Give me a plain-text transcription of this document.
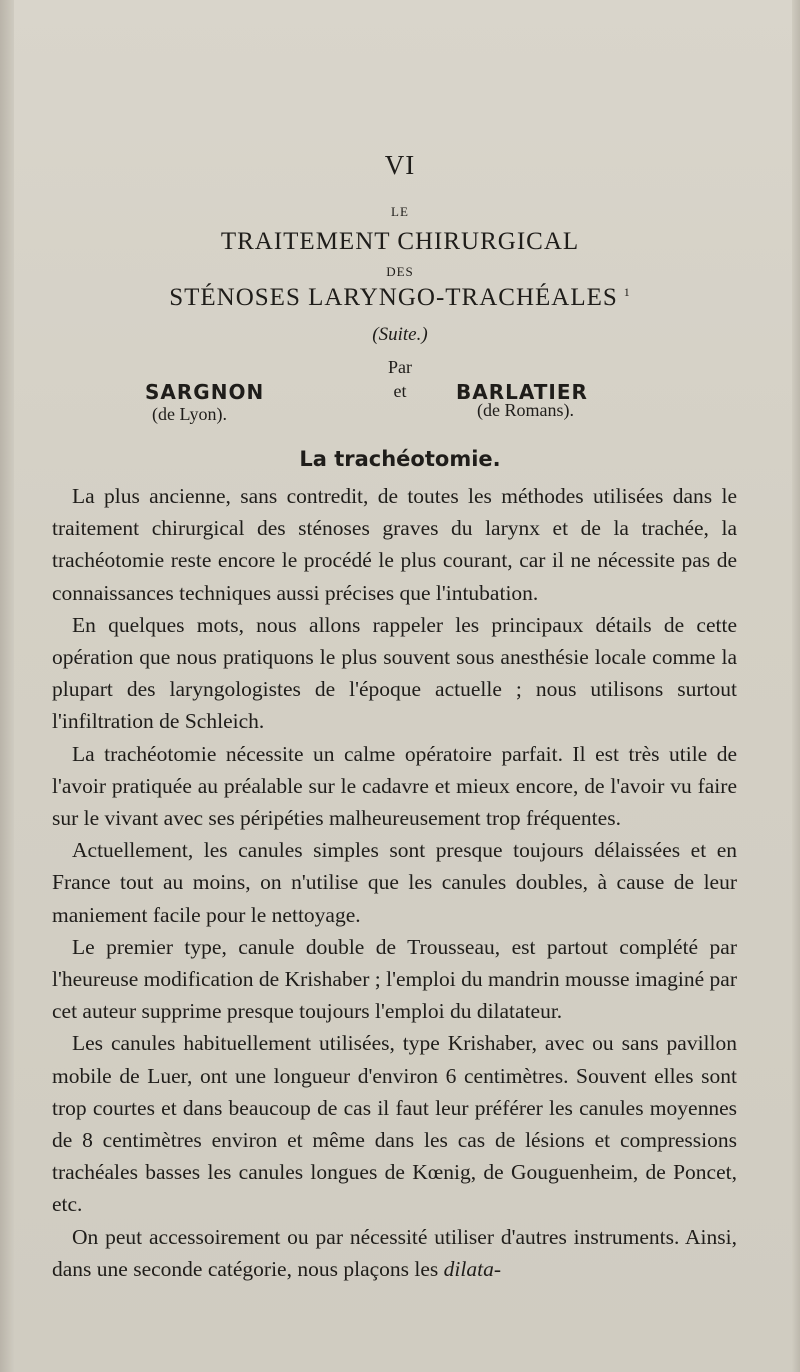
VI
LE
TRAITEMENT CHIRURGICAL
DES
STÉNOSES LARYNGO-TRACHÉALES $^1$
(Suite.)
Par
et
SARGNON
(de Lyon).
BARLATIER
(de Romans).
La trachéotomie.

La plus ancienne, sans contredit, de toutes les méthodes utilisées dans le traitement chirurgical des sténoses graves du larynx et de la trachée, la trachéotomie reste encore le procédé le plus courant, car il ne nécessite pas de connaissances techniques aussi précises que l'intubation.

En quelques mots, nous allons rappeler les principaux détails de cette opération que nous pratiquons le plus souvent sous anesthésie locale comme la plupart des laryngologistes de l'époque actuelle ; nous utilisons surtout l'infiltration de Schleich.

La trachéotomie nécessite un calme opératoire parfait. Il est très utile de l'avoir pratiquée au préalable sur le cadavre et mieux encore, de l'avoir vu faire sur le vivant avec ses péripéties malheureusement trop fréquentes.

Actuellement, les canules simples sont presque toujours délaissées et en France tout au moins, on n'utilise que les canules doubles, à cause de leur maniement facile pour le nettoyage.

Le premier type, canule double de Trousseau, est partout complété par l'heureuse modification de Krishaber ; l'emploi du mandrin mousse imaginé par cet auteur supprime presque toujours l'emploi du dilatateur.

Les canules habituellement utilisées, type Krishaber, avec ou sans pavillon mobile de Luer, ont une longueur d'environ 6 centimètres. Souvent elles sont trop courtes et dans beaucoup de cas il faut leur préférer les canules moyennes de 8 centimètres environ et même dans les cas de lésions et compressions trachéales basses les canules longues de Kœnig, de Gouguenheim, de Poncet, etc.

On peut accessoirement ou par nécessité utiliser d'autres instruments. Ainsi, dans une seconde catégorie, nous plaçons les dilata-
